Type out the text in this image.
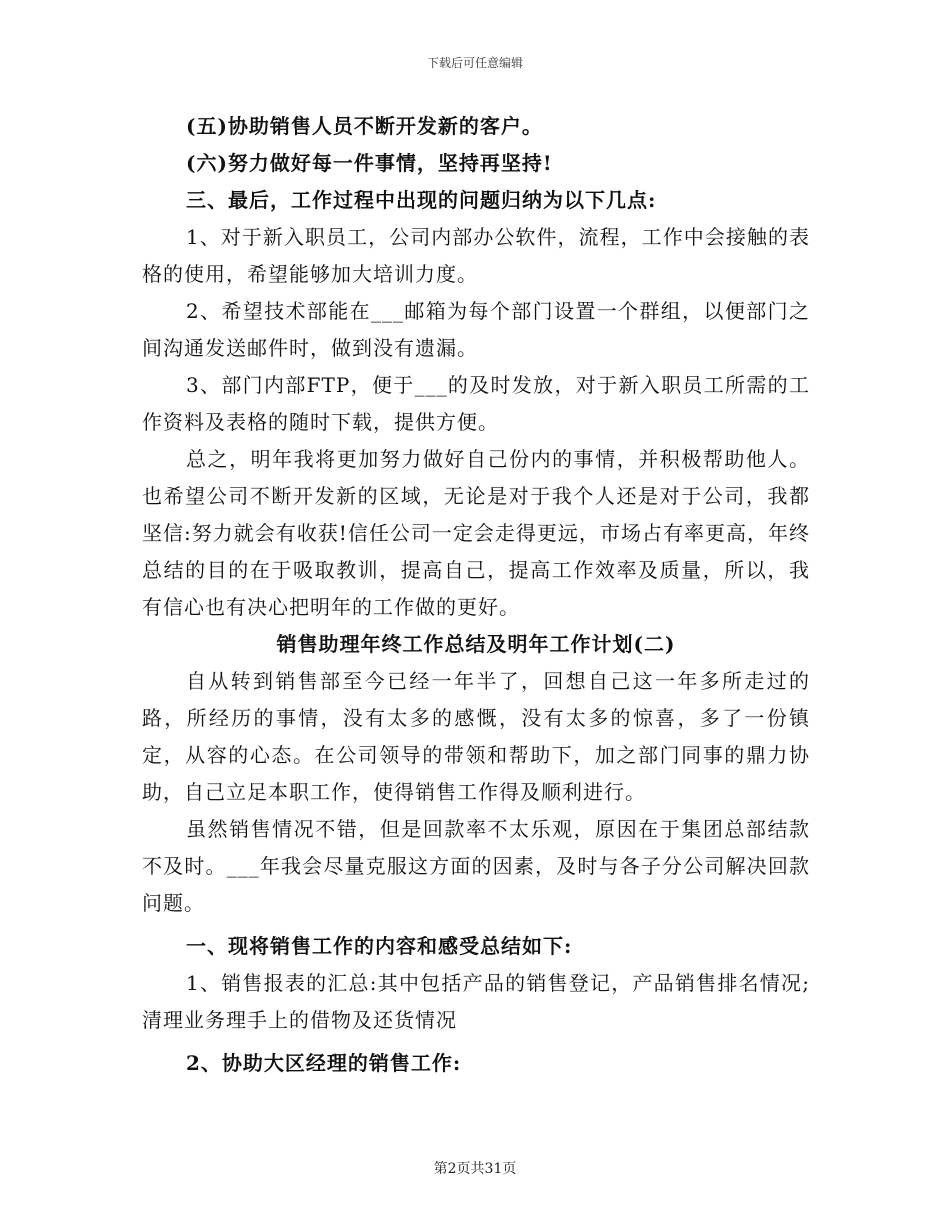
下载后可任意编辑

(五)协助销售人员不断开发新的客户。

(六)努力做好每一件事情，坚持再坚持!

三、最后，工作过程中出现的问题归纳为以下几点:

1、对于新入职员工，公司内部办公软件，流程，工作中会接触的表格的使用，希望能够加大培训力度。

2、希望技术部能在___邮箱为每个部门设置一个群组，以便部门之间沟通发送邮件时，做到没有遗漏。

3、部门内部FTP，便于___的及时发放，对于新入职员工所需的工作资料及表格的随时下载，提供方便。

总之，明年我将更加努力做好自己份内的事情，并积极帮助他人。也希望公司不断开发新的区域，无论是对于我个人还是对于公司，我都坚信:努力就会有收获!信任公司一定会走得更远，市场占有率更高，年终总结的目的在于吸取教训，提高自己，提高工作效率及质量，所以，我有信心也有决心把明年的工作做的更好。

销售助理年终工作总结及明年工作计划(二)

自从转到销售部至今已经一年半了，回想自己这一年多所走过的路，所经历的事情，没有太多的感慨，没有太多的惊喜，多了一份镇定，从容的心态。在公司领导的带领和帮助下，加之部门同事的鼎力协助，自己立足本职工作，使得销售工作得及顺利进行。

虽然销售情况不错，但是回款率不太乐观，原因在于集团总部结款不及时。___年我会尽量克服这方面的因素，及时与各子分公司解决回款问题。

一、现将销售工作的内容和感受总结如下:

1、销售报表的汇总:其中包括产品的销售登记，产品销售排名情况;清理业务理手上的借物及还货情况

2、协助大区经理的销售工作:

第2页共31页
